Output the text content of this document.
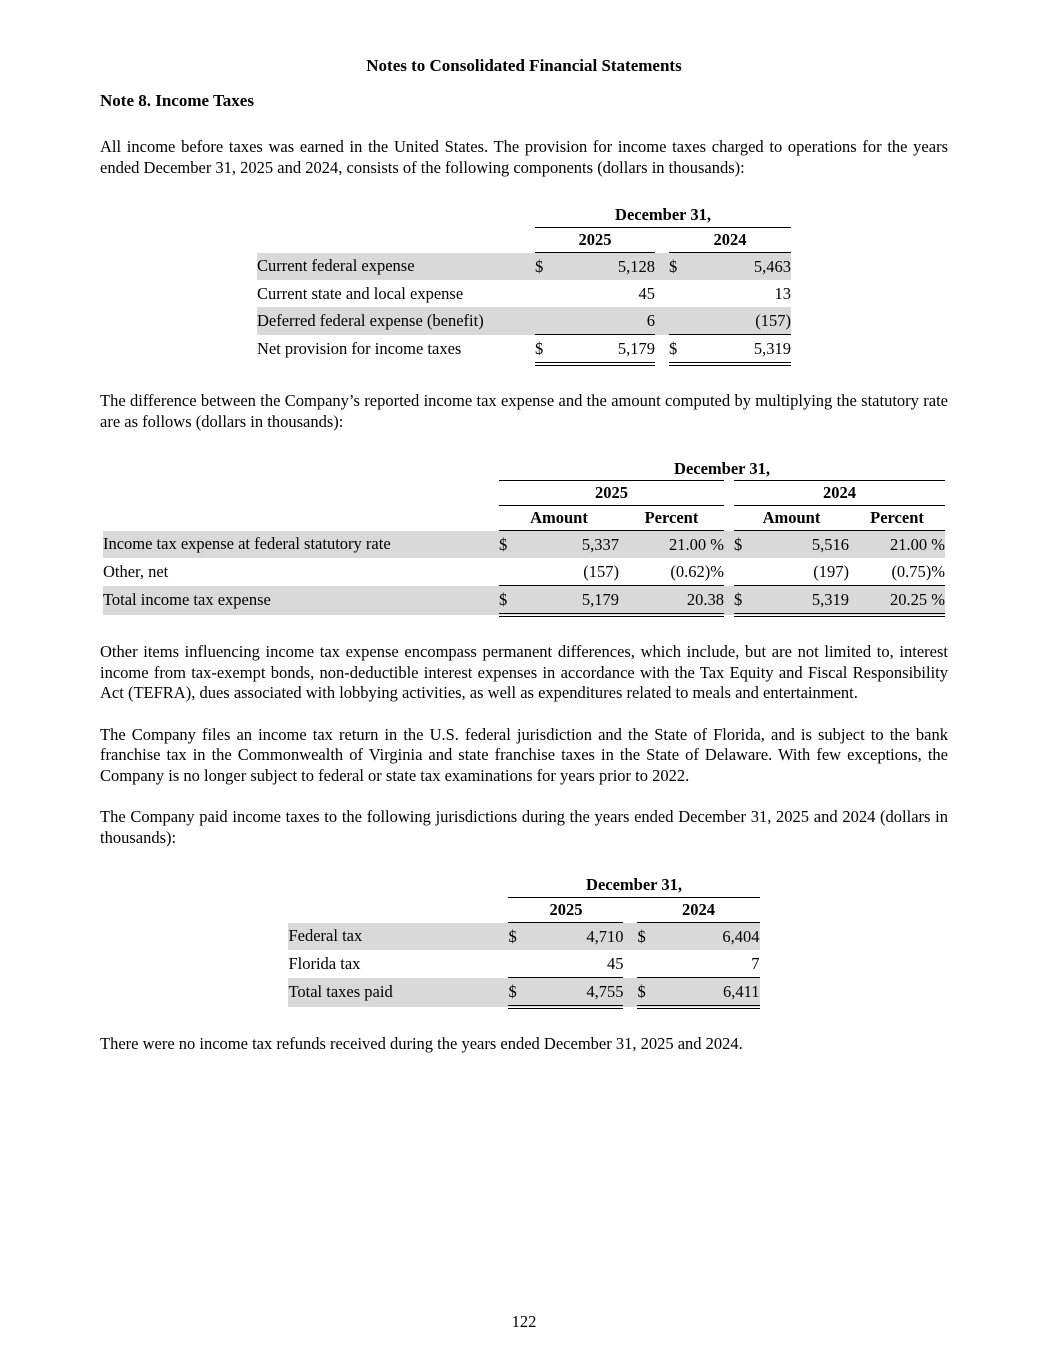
Notes to Consolidated Financial Statements
Note 8. Income Taxes

All income before taxes was earned in the United States. The provision for income taxes charged to operations for the years ended December 31, 2025 and 2024, consists of the following components (dollars in thousands):

	December 31,				
	2025			2024	
Current federal expense	$	5,128		$	5,463
Current state and local expense		45			13
Deferred federal expense (benefit)		6			(157)
Net provision for income taxes	$	5,179		$	5,319

The difference between the Company’s reported income tax expense and the amount computed by multiplying the statutory rate are as follows (dollars in thousands):

	December 31,						
	2025				2024		
	Amount		Percent		Amount		Percent
Income tax expense at federal statutory rate	$	5,337	21.00 %		$	5,516	21.00 %
Other, net		(157)	(0.62)%			(197)	(0.75)%
Total income tax expense	$	5,179	20.38		$	5,319	20.25 %

Other items influencing income tax expense encompass permanent differences, which include, but are not limited to, interest income from tax-exempt bonds, non-deductible interest expenses in accordance with the Tax Equity and Fiscal Responsibility Act (TEFRA), dues associated with lobbying activities, as well as expenditures related to meals and entertainment.

The Company files an income tax return in the U.S. federal jurisdiction and the State of Florida, and is subject to the bank franchise tax in the Commonwealth of Virginia and state franchise taxes in the State of Delaware. With few exceptions, the Company is no longer subject to federal or state tax examinations for years prior to 2022.

The Company paid income taxes to the following jurisdictions during the years ended December 31, 2025 and 2024 (dollars in thousands):

	December 31,				
	2025			2024	
Federal tax	$	4,710		$	6,404
Florida tax		45			7
Total taxes paid	$	4,755		$	6,411

There were no income tax refunds received during the years ended December 31, 2025 and 2024.

122
